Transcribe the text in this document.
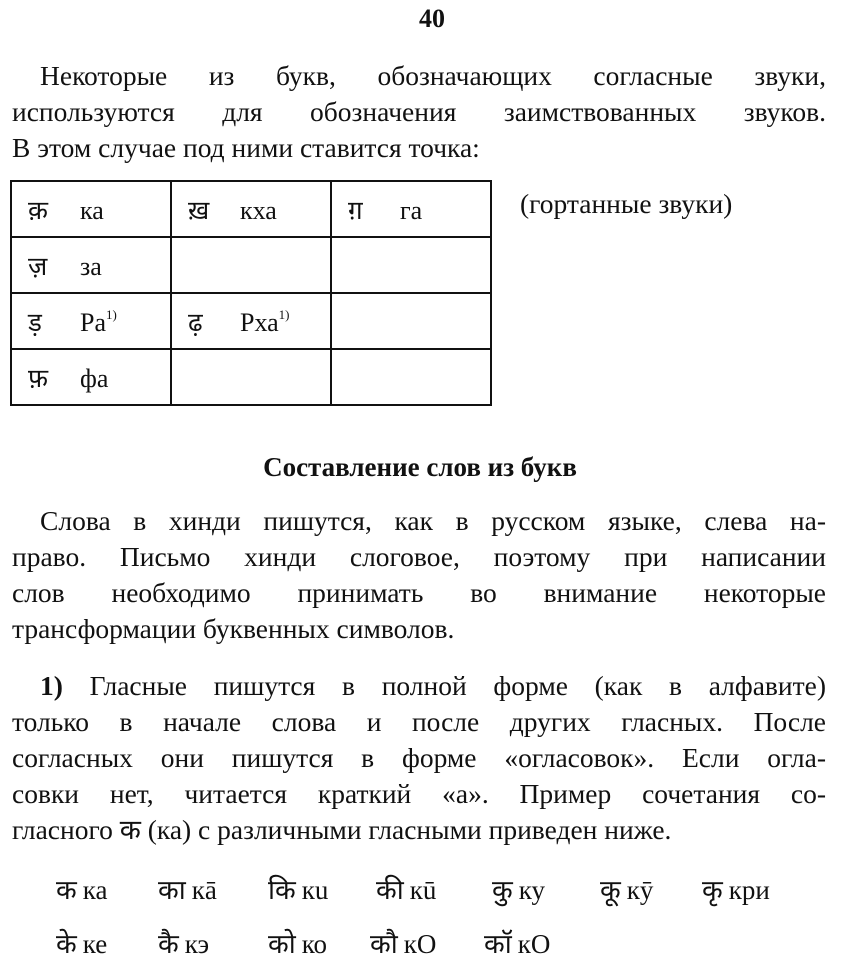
40
Некоторые из букв, обозначающих согласные звуки,
используются для обозначения заимствованных звуков.
В этом случае под ними ставится точка:
क़ ка	ख़ кха	ग़ га
ज़ за		
ड़ $Ра^{1)}$	ढ़ Рха$^{1)}$	
फ़ фа		
(гортанные звуки)
Составление слов из букв
Слова в хинди пишутся, как в русском языке, слева на-
право. Письмо хинди слоговое, поэтому при написании
слов необходимо принимать во внимание некоторые
трансформации буквенных символов.
1) Гласные пишутся в полной форме (как в алфавите)
только в начале слова и после других гласных. После
согласных они пишутся в форме «огласовок». Если огла-
совки нет, читается краткий «а». Пример сочетания со-
гласного क (ка) с различными гласными приведен ниже.
क ка का кā कि кu की кū कु ку कू кӯ कृ кри
के ке कै кэ को ко कौ кО कॉ кО
